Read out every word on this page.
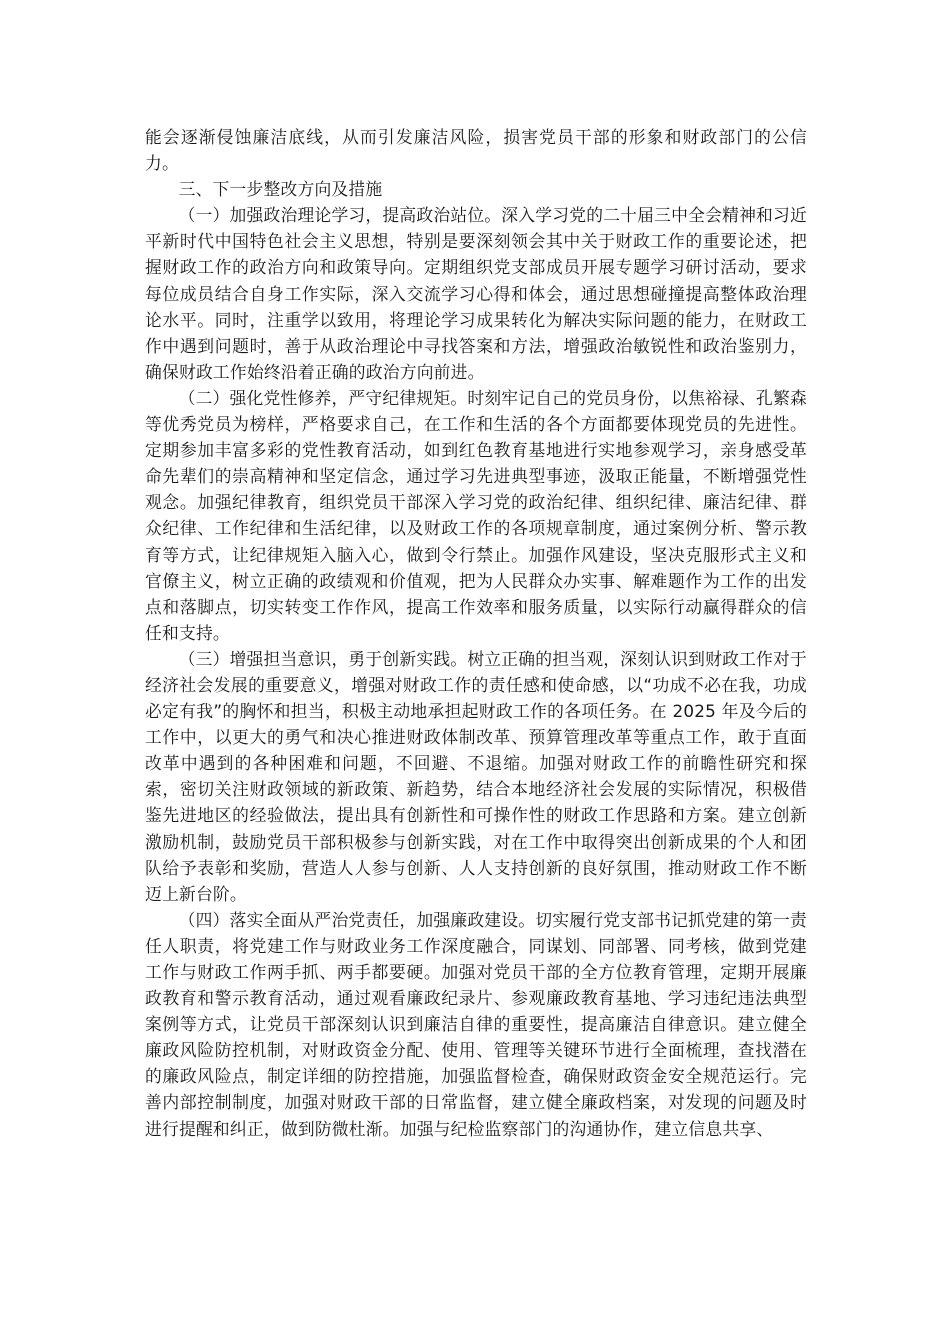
能会逐渐侵蚀廉洁底线，从而引发廉洁风险，损害党员干部的形象和财政部门的公信力。

三、下一步整改方向及措施

（一）加强政治理论学习，提高政治站位。深入学习党的二十届三中全会精神和习近平新时代中国特色社会主义思想，特别是要深刻领会其中关于财政工作的重要论述，把握财政工作的政治方向和政策导向。定期组织党支部成员开展专题学习研讨活动，要求每位成员结合自身工作实际，深入交流学习心得和体会，通过思想碰撞提高整体政治理论水平。同时，注重学以致用，将理论学习成果转化为解决实际问题的能力，在财政工作中遇到问题时，善于从政治理论中寻找答案和方法，增强政治敏锐性和政治鉴别力，确保财政工作始终沿着正确的政治方向前进。

（二）强化党性修养，严守纪律规矩。时刻牢记自己的党员身份，以焦裕禄、孔繁森等优秀党员为榜样，严格要求自己，在工作和生活的各个方面都要体现党员的先进性。定期参加丰富多彩的党性教育活动，如到红色教育基地进行实地参观学习，亲身感受革命先辈们的崇高精神和坚定信念，通过学习先进典型事迹，汲取正能量，不断增强党性观念。加强纪律教育，组织党员干部深入学习党的政治纪律、组织纪律、廉洁纪律、群众纪律、工作纪律和生活纪律，以及财政工作的各项规章制度，通过案例分析、警示教育等方式，让纪律规矩入脑入心，做到令行禁止。加强作风建设，坚决克服形式主义和官僚主义，树立正确的政绩观和价值观，把为人民群众办实事、解难题作为工作的出发点和落脚点，切实转变工作作风，提高工作效率和服务质量，以实际行动赢得群众的信任和支持。

（三）增强担当意识，勇于创新实践。树立正确的担当观，深刻认识到财政工作对于经济社会发展的重要意义，增强对财政工作的责任感和使命感，以“功成不必在我，功成必定有我”的胸怀和担当，积极主动地承担起财政工作的各项任务。在 2025 年及今后的工作中，以更大的勇气和决心推进财政体制改革、预算管理改革等重点工作，敢于直面改革中遇到的各种困难和问题，不回避、不退缩。加强对财政工作的前瞻性研究和探索，密切关注财政领域的新政策、新趋势，结合本地经济社会发展的实际情况，积极借鉴先进地区的经验做法，提出具有创新性和可操作性的财政工作思路和方案。建立创新激励机制，鼓励党员干部积极参与创新实践，对在工作中取得突出创新成果的个人和团队给予表彰和奖励，营造人人参与创新、人人支持创新的良好氛围，推动财政工作不断迈上新台阶。

（四）落实全面从严治党责任，加强廉政建设。切实履行党支部书记抓党建的第一责任人职责，将党建工作与财政业务工作深度融合，同谋划、同部署、同考核，做到党建工作与财政工作两手抓、两手都要硬。加强对党员干部的全方位教育管理，定期开展廉政教育和警示教育活动，通过观看廉政纪录片、参观廉政教育基地、学习违纪违法典型案例等方式，让党员干部深刻认识到廉洁自律的重要性，提高廉洁自律意识。建立健全廉政风险防控机制，对财政资金分配、使用、管理等关键环节进行全面梳理，查找潜在的廉政风险点，制定详细的防控措施，加强监督检查，确保财政资金安全规范运行。完善内部控制制度，加强对财政干部的日常监督，建立健全廉政档案，对发现的问题及时进行提醒和纠正，做到防微杜渐。加强与纪检监察部门的沟通协作，建立信息共享、
